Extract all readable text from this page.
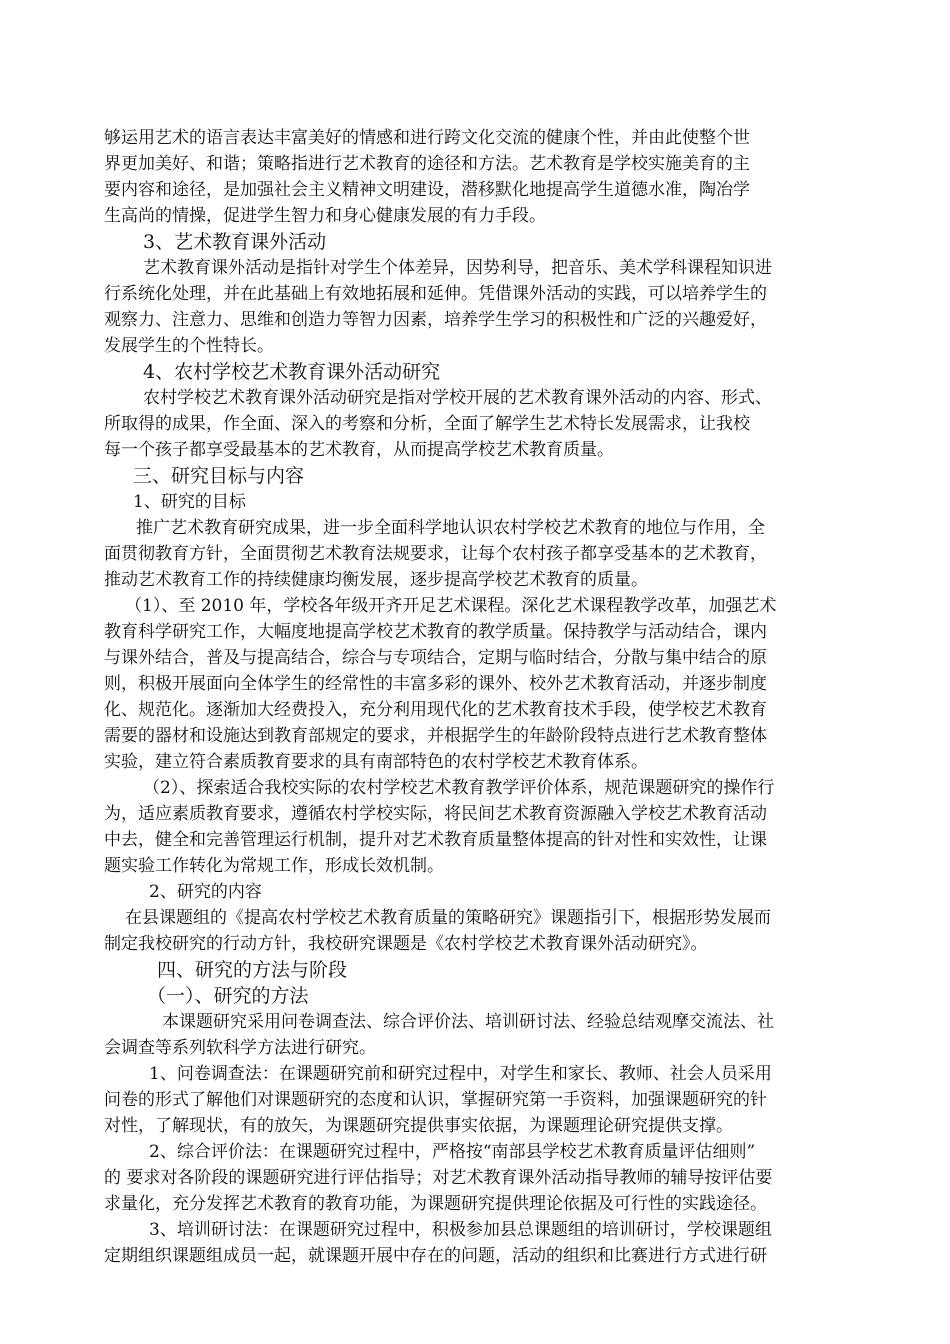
够运用艺术的语言表达丰富美好的情感和进行跨文化交流的健康个性，并由此使整个世
界更加美好、和谐；策略指进行艺术教育的途径和方法。艺术教育是学校实施美育的主
要内容和途径，是加强社会主义精神文明建设，潜移默化地提高学生道德水准，陶冶学
生高尚的情操，促进学生智力和身心健康发展的有力手段。
3、艺术教育课外活动
艺术教育课外活动是指针对学生个体差异，因势利导，把音乐、美术学科课程知识进
行系统化处理，并在此基础上有效地拓展和延伸。凭借课外活动的实践，可以培养学生的
观察力、注意力、思维和创造力等智力因素，培养学生学习的积极性和广泛的兴趣爱好，
发展学生的个性特长。
4、农村学校艺术教育课外活动研究
农村学校艺术教育课外活动研究是指对学校开展的艺术教育课外活动的内容、形式、
所取得的成果，作全面、深入的考察和分析，全面了解学生艺术特长发展需求，让我校
每一个孩子都享受最基本的艺术教育，从而提高学校艺术教育质量。
三、研究目标与内容
1、研究的目标
推广艺术教育研究成果，进一步全面科学地认识农村学校艺术教育的地位与作用，全
面贯彻教育方针，全面贯彻艺术教育法规要求，让每个农村孩子都享受基本的艺术教育，
推动艺术教育工作的持续健康均衡发展，逐步提高学校艺术教育的质量。
（1）、至 2010 年，学校各年级开齐开足艺术课程。深化艺术课程教学改革，加强艺术
教育科学研究工作，大幅度地提高学校艺术教育的教学质量。保持教学与活动结合，课内
与课外结合，普及与提高结合，综合与专项结合，定期与临时结合，分散与集中结合的原
则，积极开展面向全体学生的经常性的丰富多彩的课外、校外艺术教育活动，并逐步制度
化、规范化。逐渐加大经费投入，充分利用现代化的艺术教育技术手段，使学校艺术教育
需要的器材和设施达到教育部规定的要求，并根据学生的年龄阶段特点进行艺术教育整体
实验，建立符合素质教育要求的具有南部特色的农村学校艺术教育体系。
（2）、探索适合我校实际的农村学校艺术教育教学评价体系，规范课题研究的操作行
为，适应素质教育要求，遵循农村学校实际，将民间艺术教育资源融入学校艺术教育活动
中去，健全和完善管理运行机制，提升对艺术教育质量整体提高的针对性和实效性，让课
题实验工作转化为常规工作，形成长效机制。
2、研究的内容
在县课题组的《提高农村学校艺术教育质量的策略研究》课题指引下，根据形势发展而
制定我校研究的行动方针，我校研究课题是《农村学校艺术教育课外活动研究》。
四、研究的方法与阶段
（一）、研究的方法
本课题研究采用问卷调查法、综合评价法、培训研讨法、经验总结观摩交流法、社
会调查等系列软科学方法进行研究。
1、问卷调查法：在课题研究前和研究过程中，对学生和家长、教师、社会人员采用
问卷的形式了解他们对课题研究的态度和认识，掌握研究第一手资料，加强课题研究的针
对性，了解现状，有的放矢，为课题研究提供事实依据，为课题理论研究提供支撑。
2、综合评价法：在课题研究过程中，严格按“南部县学校艺术教育质量评估细则”
的 要求对各阶段的课题研究进行评估指导；对艺术教育课外活动指导教师的辅导按评估要
求量化，充分发挥艺术教育的教育功能，为课题研究提供理论依据及可行性的实践途径。
3、培训研讨法：在课题研究过程中，积极参加县总课题组的培训研讨，学校课题组
定期组织课题组成员一起，就课题开展中存在的问题，活动的组织和比赛进行方式进行研
